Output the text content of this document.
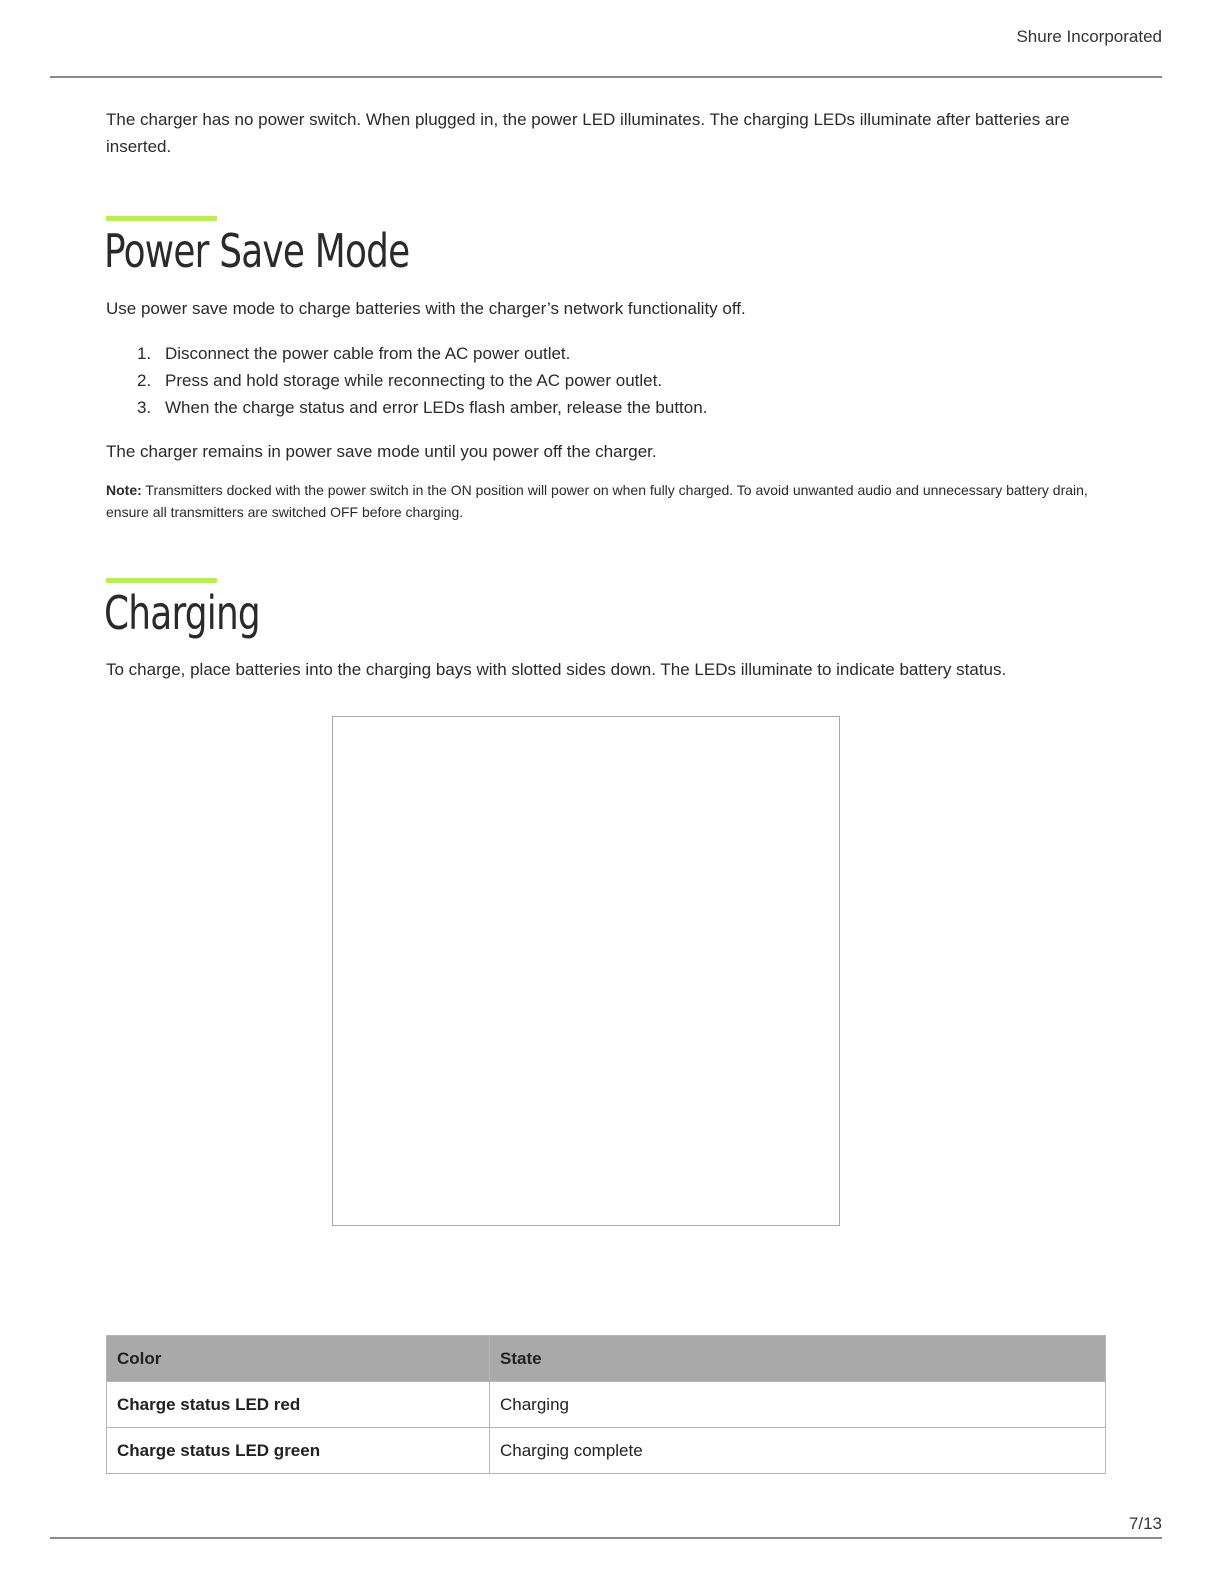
Shure Incorporated

The charger has no power switch. When plugged in, the power LED illuminates. The charging LEDs illuminate after batteries are inserted.

Power Save Mode

Use power save mode to charge batteries with the charger’s network functionality off.

1. Disconnect the power cable from the AC power outlet.
2. Press and hold storage while reconnecting to the AC power outlet.
3. When the charge status and error LEDs flash amber, release the button.

The charger remains in power save mode until you power off the charger.

Note: Transmitters docked with the power switch in the ON position will power on when fully charged. To avoid unwanted audio and unnecessary battery drain, ensure all transmitters are switched OFF before charging.

Charging

To charge, place batteries into the charging bays with slotted sides down. The LEDs illuminate to indicate battery status.

Color	State
Charge status LED red	Charging
Charge status LED green	Charging complete
7/13
